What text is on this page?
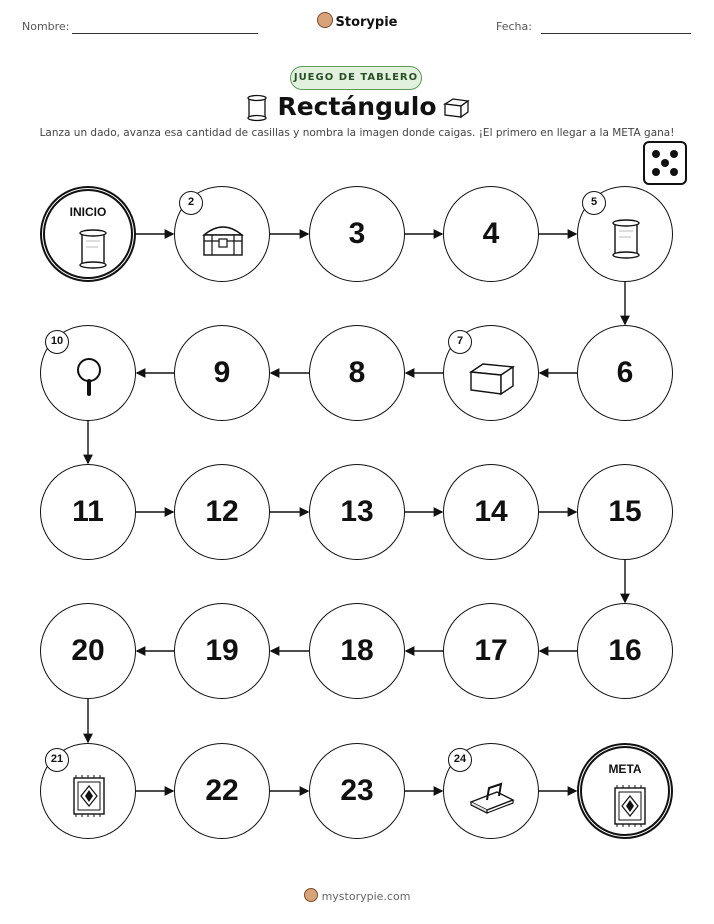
Nombre:	Storypie	Fecha:
JUEGO DE TABLERO
Rectángulo
Lanza un dado, avanza esa cantidad de casillas y nombra la imagen donde caigas. ¡El primero en llegar a la META gana!
INICIO
2
3	4
5
6
7
8
9
10
11	12	13	14	15
16
17
18
19
20
21
22	23
24
META
mystorypie.com
